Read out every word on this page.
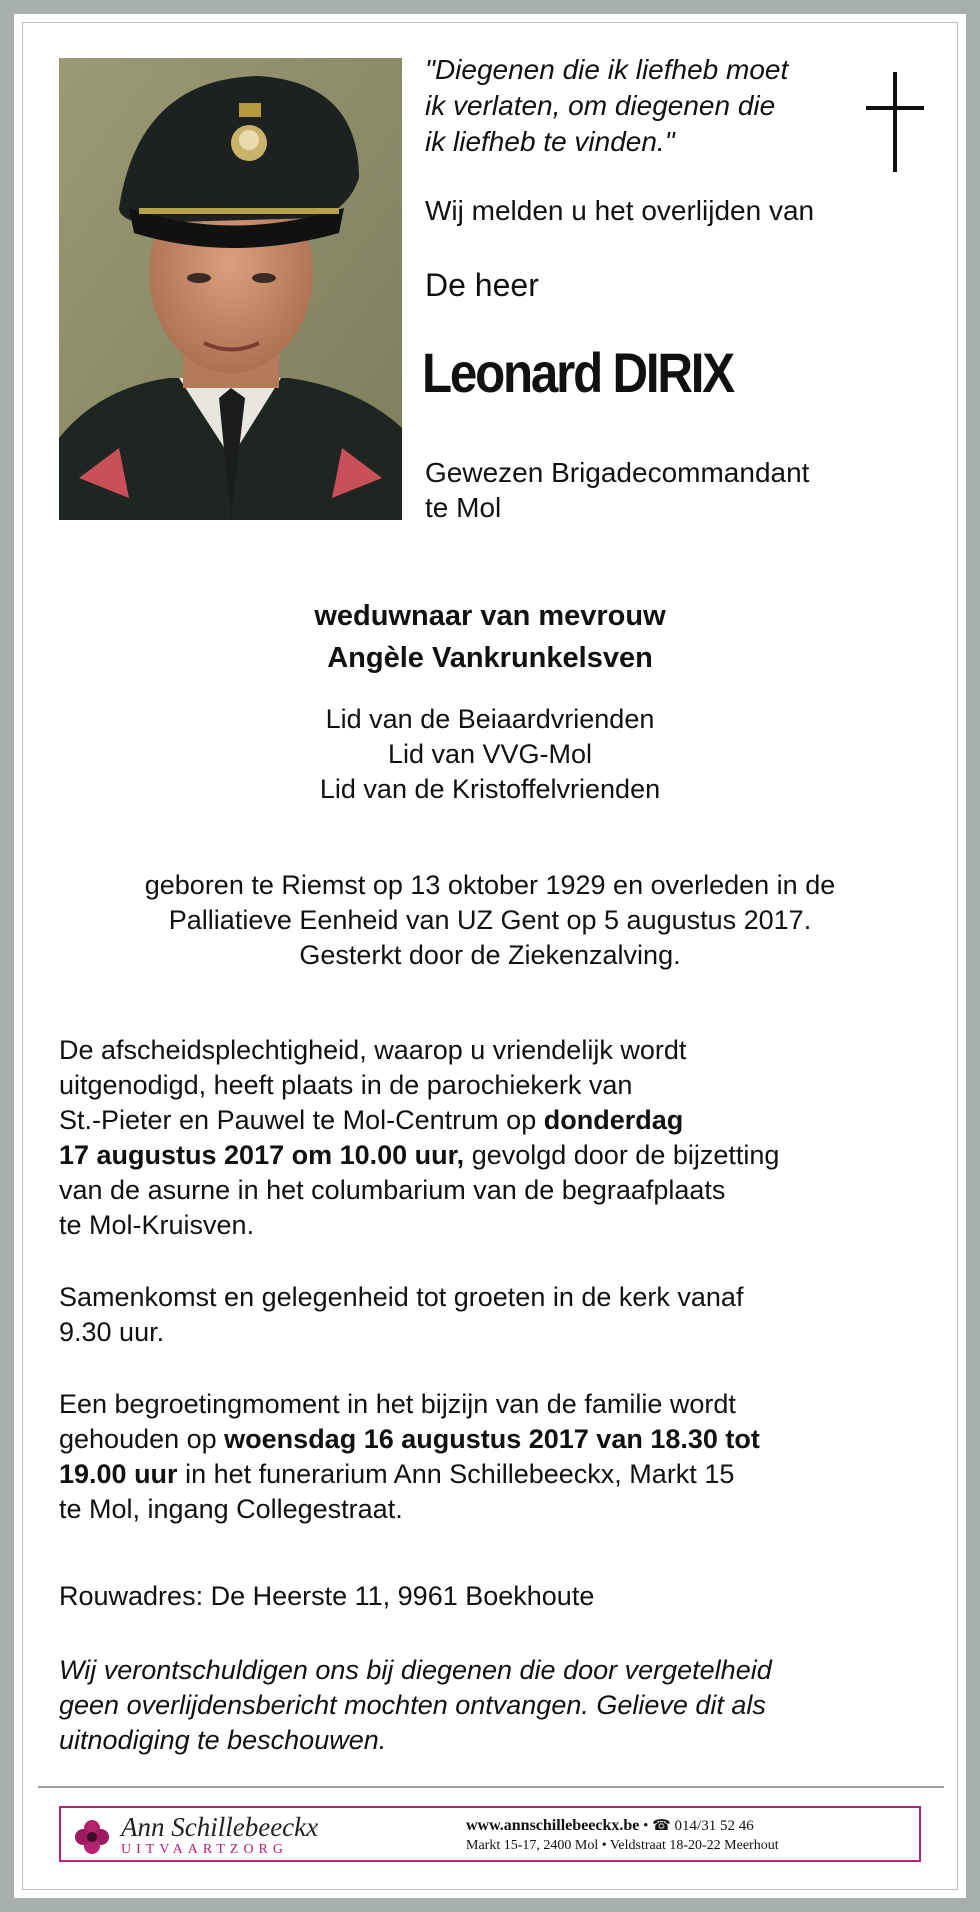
"Diegenen die ik liefheb moet
ik verlaten, om diegenen die
ik liefheb te vinden."
Wij melden u het overlijden van
De heer
Leonard DIRIX
Gewezen Brigadecommandant
te Mol
weduwnaar van mevrouw
Angèle Vankrunkelsven
Lid van de Beiaardvrienden
Lid van VVG-Mol
Lid van de Kristoffelvrienden
geboren te Riemst op 13 oktober 1929 en overleden in de
Palliatieve Eenheid van UZ Gent op 5 augustus 2017.
Gesterkt door de Ziekenzalving.
De afscheidsplechtigheid, waarop u vriendelijk wordt
uitgenodigd, heeft plaats in de parochiekerk van
St.-Pieter en Pauwel te Mol-Centrum op donderdag
17 augustus 2017 om 10.00 uur, gevolgd door de bijzetting
van de asurne in het columbarium van de begraafplaats
te Mol-Kruisven.
Samenkomst en gelegenheid tot groeten in de kerk vanaf
9.30 uur.
Een begroetingmoment in het bijzijn van de familie wordt
gehouden op woensdag 16 augustus 2017 van 18.30 tot
19.00 uur in het funerarium Ann Schillebeeckx, Markt 15
te Mol, ingang Collegestraat.
Rouwadres: De Heerste 11, 9961 Boekhoute
Wij verontschuldigen ons bij diegenen die door vergetelheid
geen overlijdensbericht mochten ontvangen. Gelieve dit als
uitnodiging te beschouwen.
Ann Schillebeeckx
UITVAARTZORG
www.annschillebeeckx.be • ☎ 014/31 52 46
Markt 15-17, 2400 Mol • Veldstraat 18-20-22 Meerhout
